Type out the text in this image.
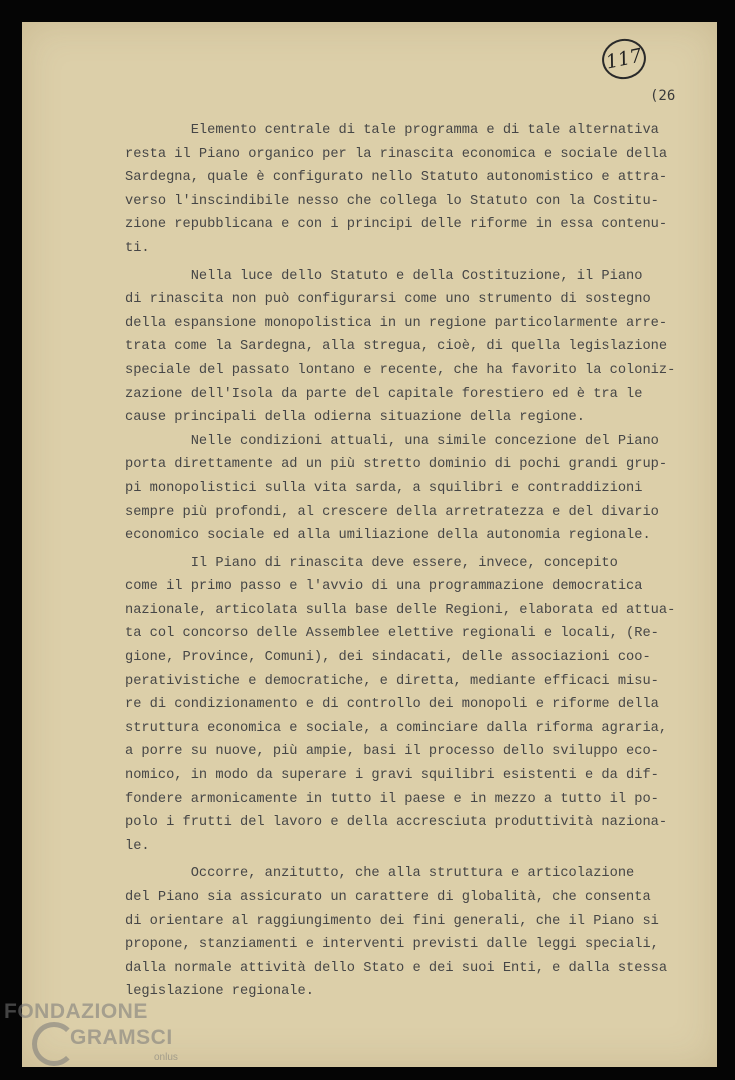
117
(26
Elemento centrale di tale programma e di tale alternativa
resta il Piano organico per la rinascita economica e sociale della
Sardegna, quale è configurato nello Statuto autonomistico e attra-
verso l'inscindibile nesso che collega lo Statuto con la Costitu-
zione repubblicana e con i principi delle riforme in essa contenu-
ti.
Nella luce dello Statuto e della Costituzione, il Piano
di rinascita non può configurarsi come uno strumento di sostegno
della espansione monopolistica in un regione particolarmente arre-
trata come la Sardegna, alla stregua, cioè, di quella legislazione
speciale del passato lontano e recente, che ha favorito la coloniz-
zazione dell'Isola da parte del capitale forestiero ed è tra le
cause principali della odierna situazione della regione.
Nelle condizioni attuali, una simile concezione del Piano
porta direttamente ad un più stretto dominio di pochi grandi grup-
pi monopolistici sulla vita sarda, a squilibri e contraddizioni
sempre più profondi, al crescere della arretratezza e del divario
economico sociale ed alla umiliazione della autonomia regionale.
Il Piano di rinascita deve essere, invece, concepito
come il primo passo e l'avvio di una programmazione democratica
nazionale, articolata sulla base delle Regioni, elaborata ed attua-
ta col concorso delle Assemblee elettive regionali e locali, (Re-
gione, Province, Comuni), dei sindacati, delle associazioni coo-
perativistiche e democratiche, e diretta, mediante efficaci misu-
re di condizionamento e di controllo dei monopoli e riforme della
struttura economica e sociale, a cominciare dalla riforma agraria,
a porre su nuove, più ampie, basi il processo dello sviluppo eco-
nomico, in modo da superare i gravi squilibri esistenti e da dif-
fondere armonicamente in tutto il paese e in mezzo a tutto il po-
polo i frutti del lavoro e della accresciuta produttività naziona-
le.
Occorre, anzitutto, che alla struttura e articolazione
del Piano sia assicurato un carattere di globalità, che consenta
di orientare al raggiungimento dei fini generali, che il Piano si
propone, stanziamenti e interventi previsti dalle leggi speciali,
dalla normale attività dello Stato e dei suoi Enti, e dalla stessa
legislazione regionale.
FONDAZIONE
GRAMSCI
onlus
